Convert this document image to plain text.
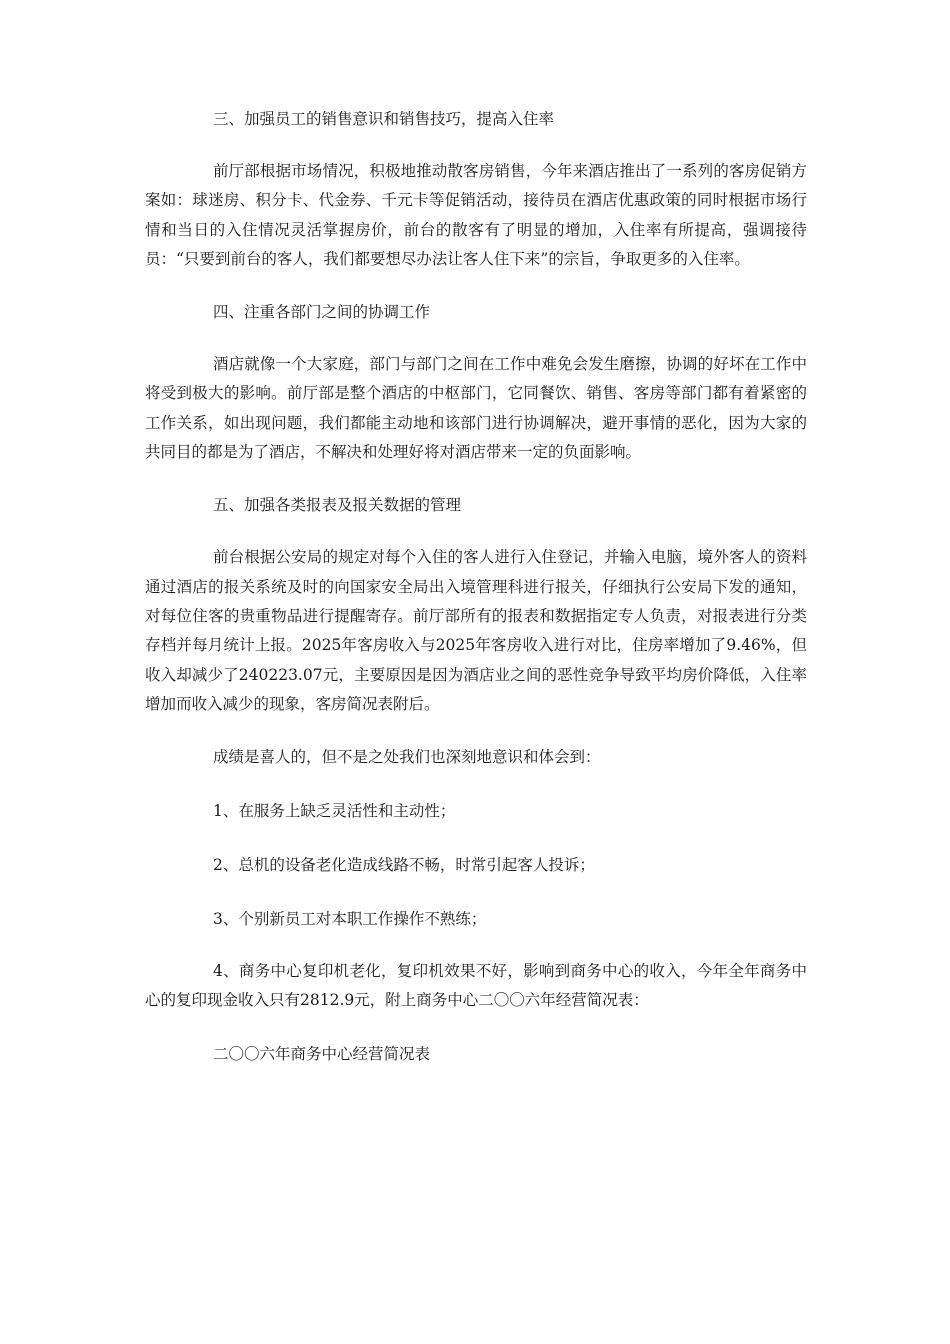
三、加强员工的销售意识和销售技巧，提高入住率

前厅部根据市场情况，积极地推动散客房销售，今年来酒店推出了一系列的客房促销方案如：球迷房、积分卡、代金券、千元卡等促销活动，接待员在酒店优惠政策的同时根据市场行情和当日的入住情况灵活掌握房价，前台的散客有了明显的增加，入住率有所提高，强调接待员：“只要到前台的客人，我们都要想尽办法让客人住下来”的宗旨，争取更多的入住率。

四、注重各部门之间的协调工作

酒店就像一个大家庭，部门与部门之间在工作中难免会发生磨擦，协调的好坏在工作中将受到极大的影响。前厅部是整个酒店的中枢部门，它同餐饮、销售、客房等部门都有着紧密的工作关系，如出现问题，我们都能主动地和该部门进行协调解决，避开事情的恶化，因为大家的共同目的都是为了酒店，不解决和处理好将对酒店带来一定的负面影响。

五、加强各类报表及报关数据的管理

前台根据公安局的规定对每个入住的客人进行入住登记，并输入电脑，境外客人的资料通过酒店的报关系统及时的向国家安全局出入境管理科进行报关，仔细执行公安局下发的通知，对每位住客的贵重物品进行提醒寄存。前厅部所有的报表和数据指定专人负责，对报表进行分类存档并每月统计上报。2025年客房收入与2025年客房收入进行对比，住房率增加了9.46%，但收入却减少了240223.07元，主要原因是因为酒店业之间的恶性竞争导致平均房价降低，入住率增加而收入减少的现象，客房简况表附后。

成绩是喜人的，但不是之处我们也深刻地意识和体会到：

1、在服务上缺乏灵活性和主动性；

2、总机的设备老化造成线路不畅，时常引起客人投诉；

3、个别新员工对本职工作操作不熟练；

4、商务中心复印机老化，复印机效果不好，影响到商务中心的收入，今年全年商务中心的复印现金收入只有2812.9元，附上商务中心二〇〇六年经营简况表：

二〇〇六年商务中心经营简况表
